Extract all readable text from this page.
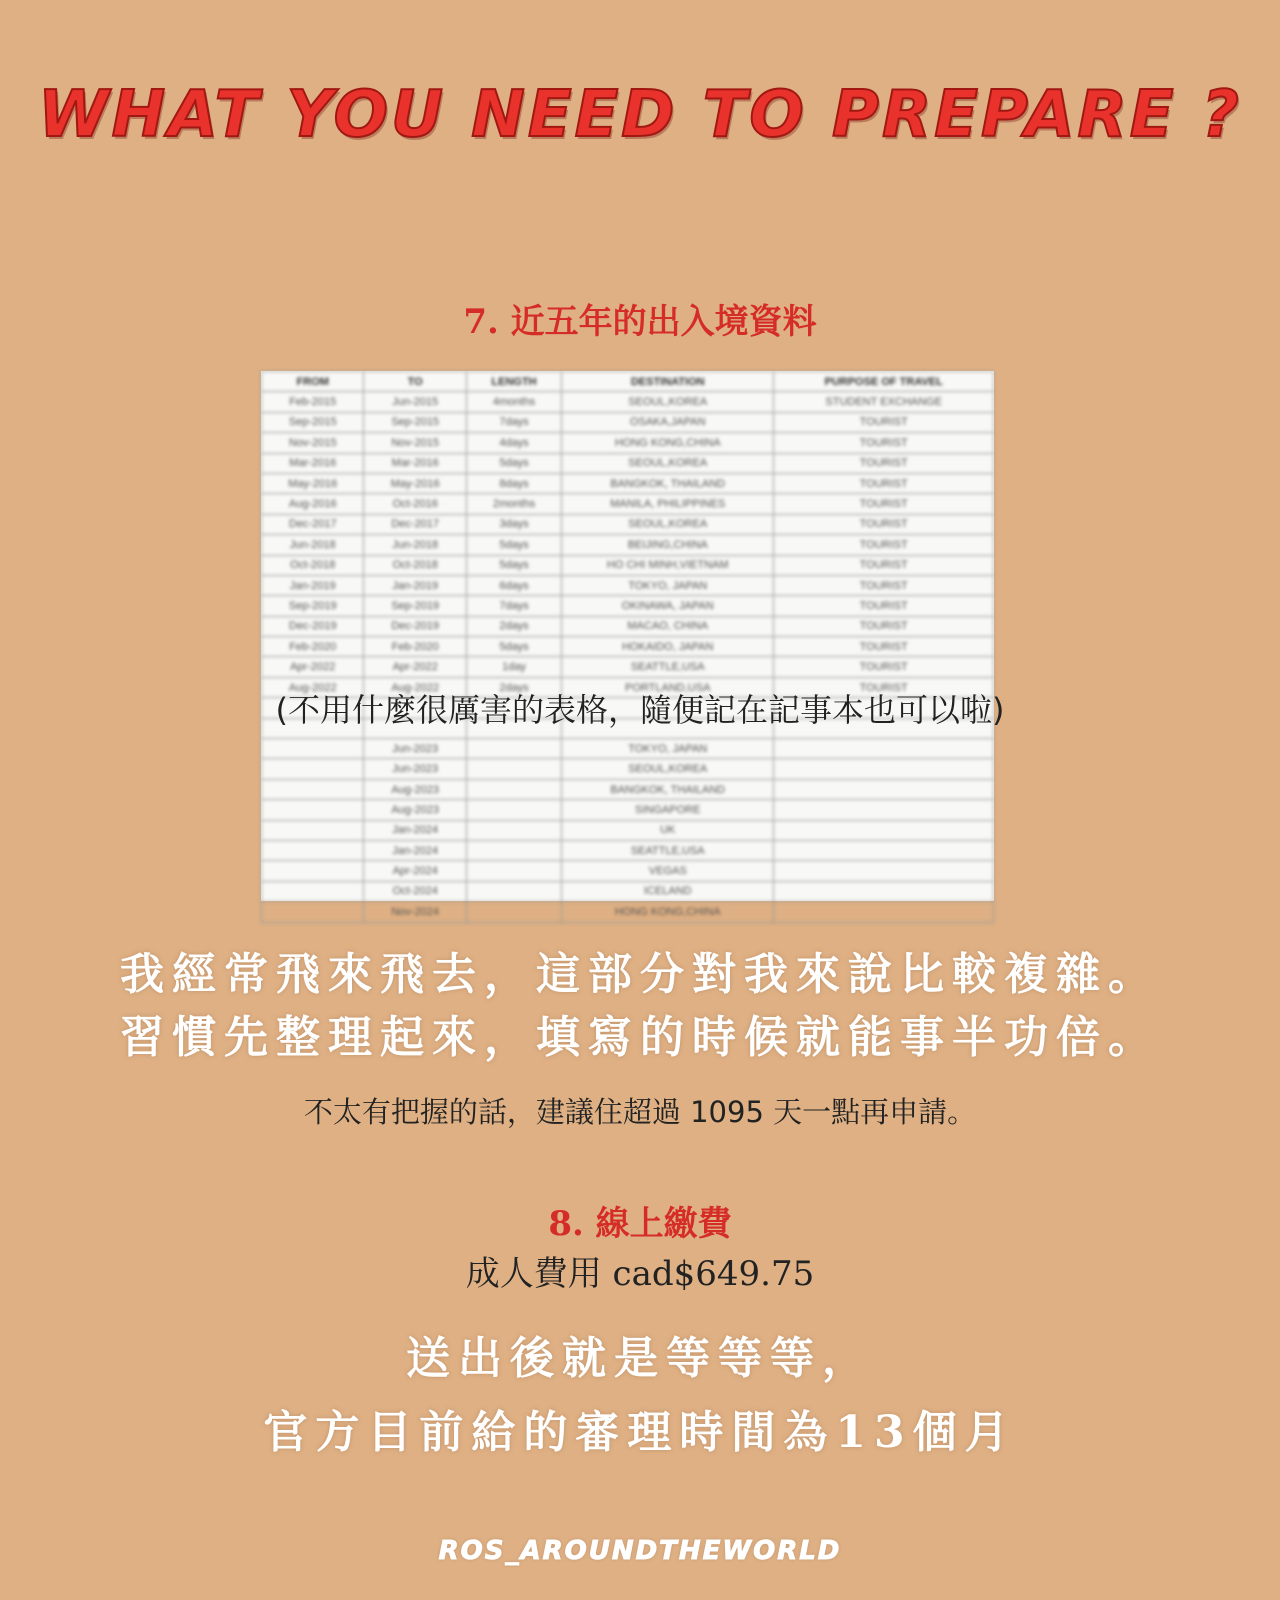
WHAT YOU NEED TO PREPARE ?
7. 近五年的出入境資料
FROM	TO	LENGTH	DESTINATION	PURPOSE OF TRAVEL
Feb-2015	Jun-2015	4months	SEOUL,KOREA	STUDENT EXCHANGE
Sep-2015	Sep-2015	7days	OSAKA,JAPAN	TOURIST
Nov-2015	Nov-2015	4days	HONG KONG,CHINA	TOURIST
Mar-2016	Mar-2016	5days	SEOUL,KOREA	TOURIST
May-2016	May-2016	8days	BANGKOK, THAILAND	TOURIST
Aug-2016	Oct-2016	2months	MANILA, PHILIPPINES	TOURIST
Dec-2017	Dec-2017	3days	SEOUL,KOREA	TOURIST
Jun-2018	Jun-2018	5days	BEIJING,CHINA	TOURIST
Oct-2018	Oct-2018	5days	HO CHI MINH,VIETNAM	TOURIST
Jan-2019	Jan-2019	6days	TOKYO, JAPAN	TOURIST
Sep-2019	Sep-2019	7days	OKINAWA, JAPAN	TOURIST
Dec-2019	Dec-2019	2days	MACAO, CHINA	TOURIST
Feb-2020	Feb-2020	5days	HOKAIDO, JAPAN	TOURIST
Apr-2022	Apr-2022	1day	SEATTLE,USA	TOURIST
Aug-2022	Aug-2022	2days	PORTLAND,USA	TOURIST

	Jun-2023		TOKYO, JAPAN	
	Jun-2023		SEOUL,KOREA	
	Aug-2023		BANGKOK, THAILAND	
	Aug-2023		SINGAPORE	
	Jan-2024		UK	
	Jan-2024		SEATTLE,USA	
	Apr-2024		VEGAS	
	Oct-2024		ICELAND	
	Nov-2024		HONG KONG,CHINA	

(不用什麼很厲害的表格，隨便記在記事本也可以啦)

我經常飛來飛去，這部分對我來說比較複雜。

習慣先整理起來，填寫的時候就能事半功倍。

不太有把握的話，建議住超過 1095 天一點再申請。

8. 線上繳費

成人費用 cad$649.75

送出後就是等等等，

官方目前給的審理時間為13個月

ROS_AROUNDTHEWORLD
